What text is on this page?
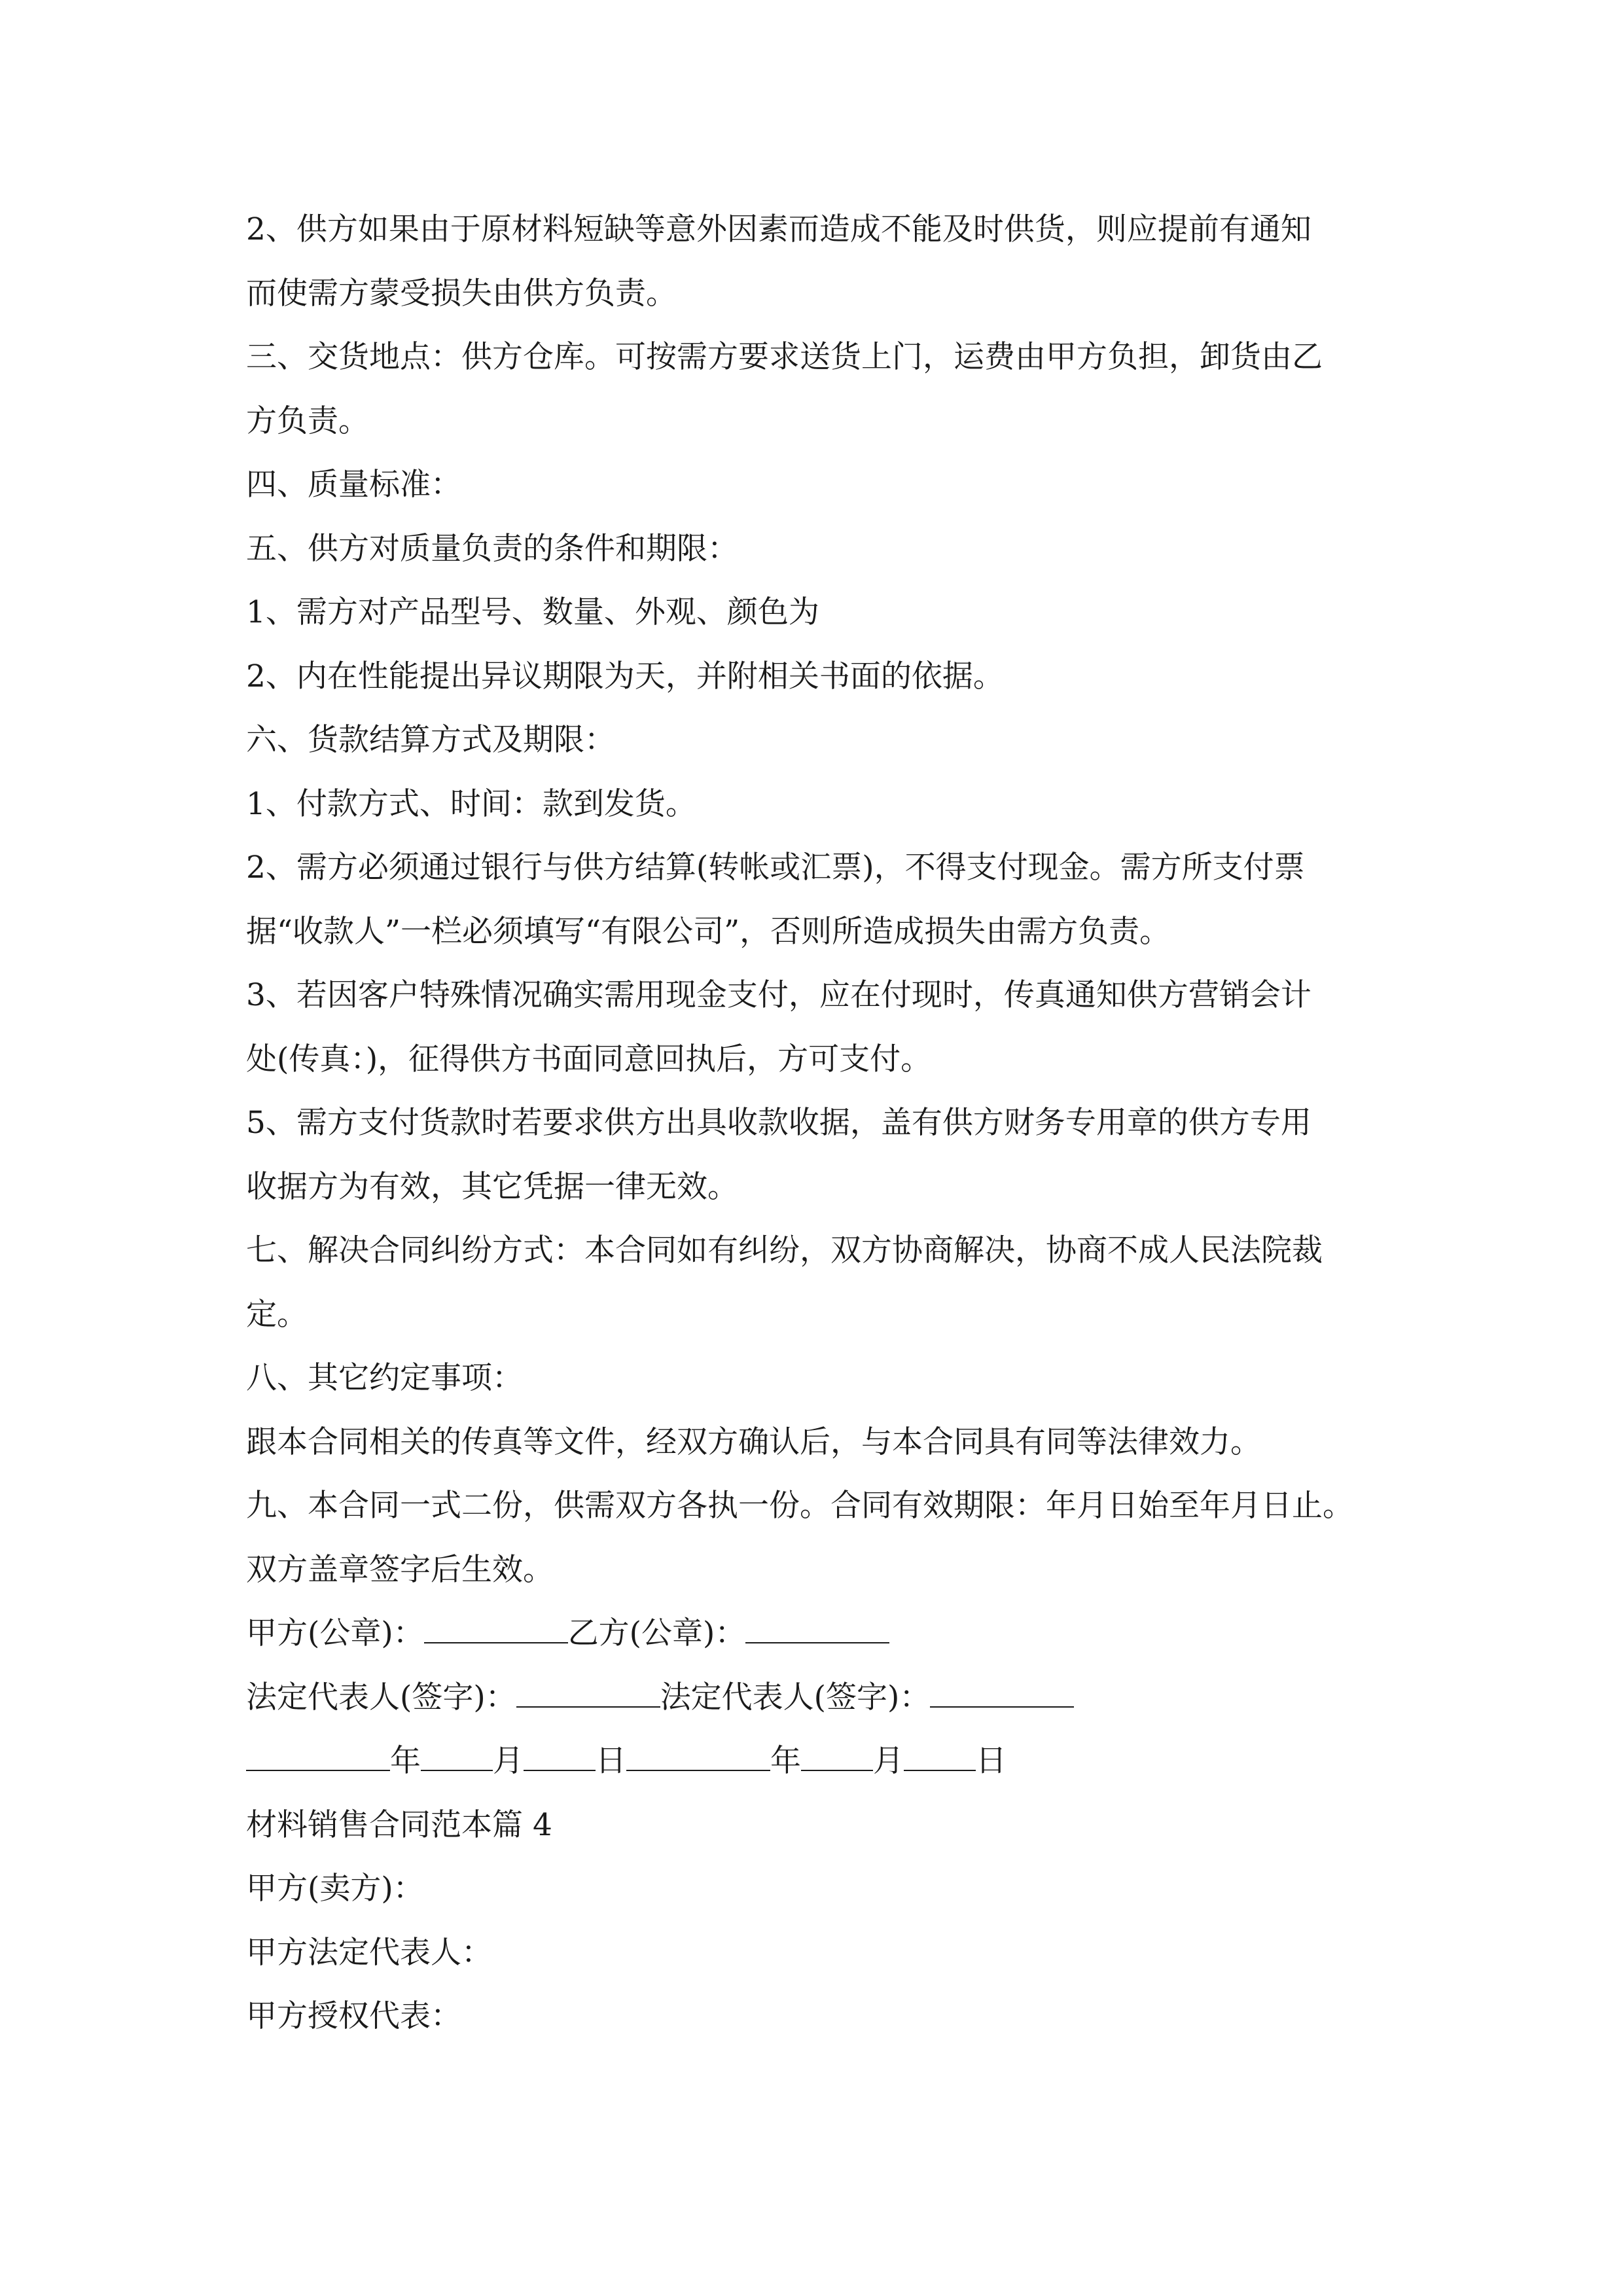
2、供方如果由于原材料短缺等意外因素而造成不能及时供货，则应提前有通知
而使需方蒙受损失由供方负责。
三、交货地点：供方仓库。可按需方要求送货上门，运费由甲方负担，卸货由乙
方负责。
四、质量标准：
五、供方对质量负责的条件和期限：
1、需方对产品型号、数量、外观、颜色为
2、内在性能提出异议期限为天，并附相关书面的依据。
六、货款结算方式及期限：
1、付款方式、时间：款到发货。
2、需方必须通过银行与供方结算(转帐或汇票)，不得支付现金。需方所支付票
据“收款人”一栏必须填写“有限公司”，否则所造成损失由需方负责。
3、若因客户特殊情况确实需用现金支付，应在付现时，传真通知供方营销会计
处(传真：)，征得供方书面同意回执后，方可支付。
5、需方支付货款时若要求供方出具收款收据，盖有供方财务专用章的供方专用
收据方为有效，其它凭据一律无效。
七、解决合同纠纷方式：本合同如有纠纷，双方协商解决，协商不成人民法院裁
定。
八、其它约定事项：
跟本合同相关的传真等文件，经双方确认后，与本合同具有同等法律效力。
九、本合同一式二份，供需双方各执一份。合同有效期限：年月日始至年月日止。
双方盖章签字后生效。
甲方(公章)：	乙方(公章)：
法定代表人(签字)：	法定代表人(签字)：
年 月 日	年 月 日
材料销售合同范本篇 4
甲方(卖方)：
甲方法定代表人：
甲方授权代表：
